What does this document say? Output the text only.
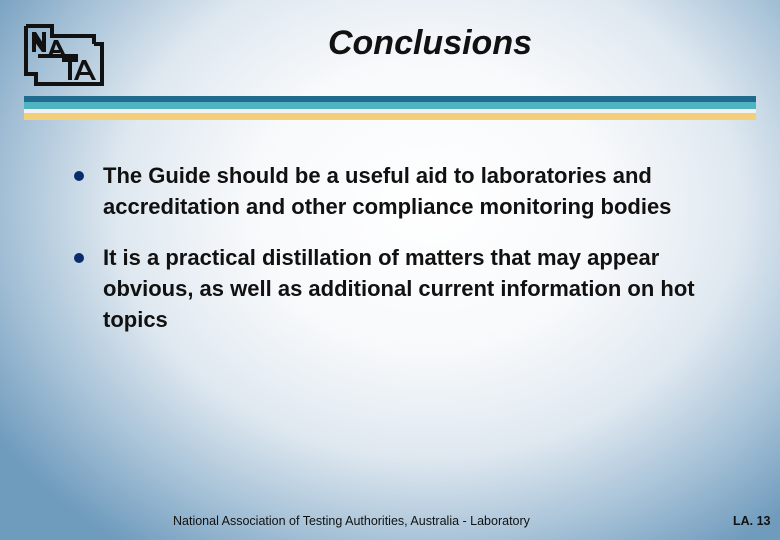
Conclusions
The Guide should be a useful aid to laboratories and accreditation and other compliance monitoring bodies
It is a practical distillation of matters that may appear obvious, as well as additional current information on hot topics
National Association of Testing Authorities, Australia - Laboratory	LA. 13
